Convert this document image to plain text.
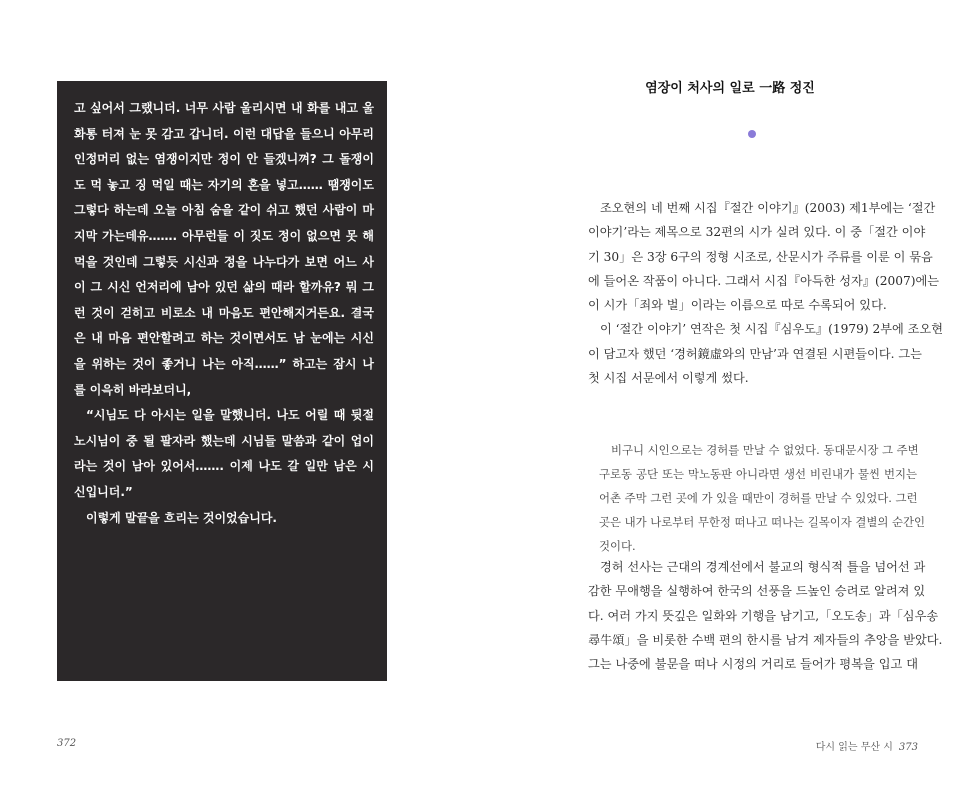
고 싶어서 그랬니더. 너무 사람 울리시면 내 화를 내고 울
화통 터져 눈 못 감고 갑니더. 이런 대답을 들으니 아무리
인정머리 없는 염쟁이지만 정이 안 들겠니껴? 그 돌쟁이
도 먹 놓고 징 먹일 때는 자기의 혼을 넣고…… 땜쟁이도
그렇다 하는데 오늘 아침 숨을 같이 쉬고 했던 사람이 마
지막 가는데유……. 아무런들 이 짓도 정이 없으면 못 해
먹을 것인데 그렇듯 시신과 정을 나누다가 보면 어느 사
이 그 시신 언저리에 남아 있던 삶의 때라 할까유? 뭐 그
런 것이 걷히고 비로소 내 마음도 편안해지거든요. 결국
은 내 마음 편안할려고 하는 것이면서도 남 눈에는 시신
을 위하는 것이 좋거니 나는 아직……” 하고는 잠시 나
를 이윽히 바라보더니,
“시님도 다 아시는 일을 말했니더. 나도 어릴 때 뒷절
노시님이 중 될 팔자라 했는데 시님들 말씀과 같이 업이
라는 것이 남아 있어서……. 이제 나도 갈 일만 남은 시
신입니더.”
이렇게 말끝을 흐리는 것이었습니다.
372
염장이 처사의 일로 一路 정진
조오현의 네 번째 시집『절간 이야기』(2003) 제1부에는 ‘절간
이야기’라는 제목으로 32편의 시가 실려 있다. 이 중「절간 이야
기 30」은 3장 6구의 정형 시조로, 산문시가 주류를 이룬 이 묶음
에 들어온 작품이 아니다. 그래서 시집『아득한 성자』(2007)에는
이 시가「죄와 벌」이라는 이름으로 따로 수록되어 있다.
이 ‘절간 이야기’ 연작은 첫 시집『심우도』(1979) 2부에 조오현
이 담고자 했던 ‘경허鏡虛와의 만남’과 연결된 시편들이다. 그는
첫 시집 서문에서 이렇게 썼다.
비구니 시인으로는 경허를 만날 수 없었다. 동대문시장 그 주변
구로동 공단 또는 막노동판 아니라면 생선 비린내가 물씬 번지는
어촌 주막 그런 곳에 가 있을 때만이 경허를 만날 수 있었다. 그런
곳은 내가 나로부터 무한정 떠나고 떠나는 길목이자 결별의 순간인
것이다.
경허 선사는 근대의 경계선에서 불교의 형식적 틀을 넘어선 과
감한 무애행을 실행하여 한국의 선풍을 드높인 승려로 알려져 있
다. 여러 가지 뜻깊은 일화와 기행을 남기고,「오도송」과「심우송
尋牛頌」을 비롯한 수백 편의 한시를 남겨 제자들의 추앙을 받았다.
그는 나중에 불문을 떠나 시정의 거리로 들어가 평복을 입고 대
다시 읽는 무산 시 373
